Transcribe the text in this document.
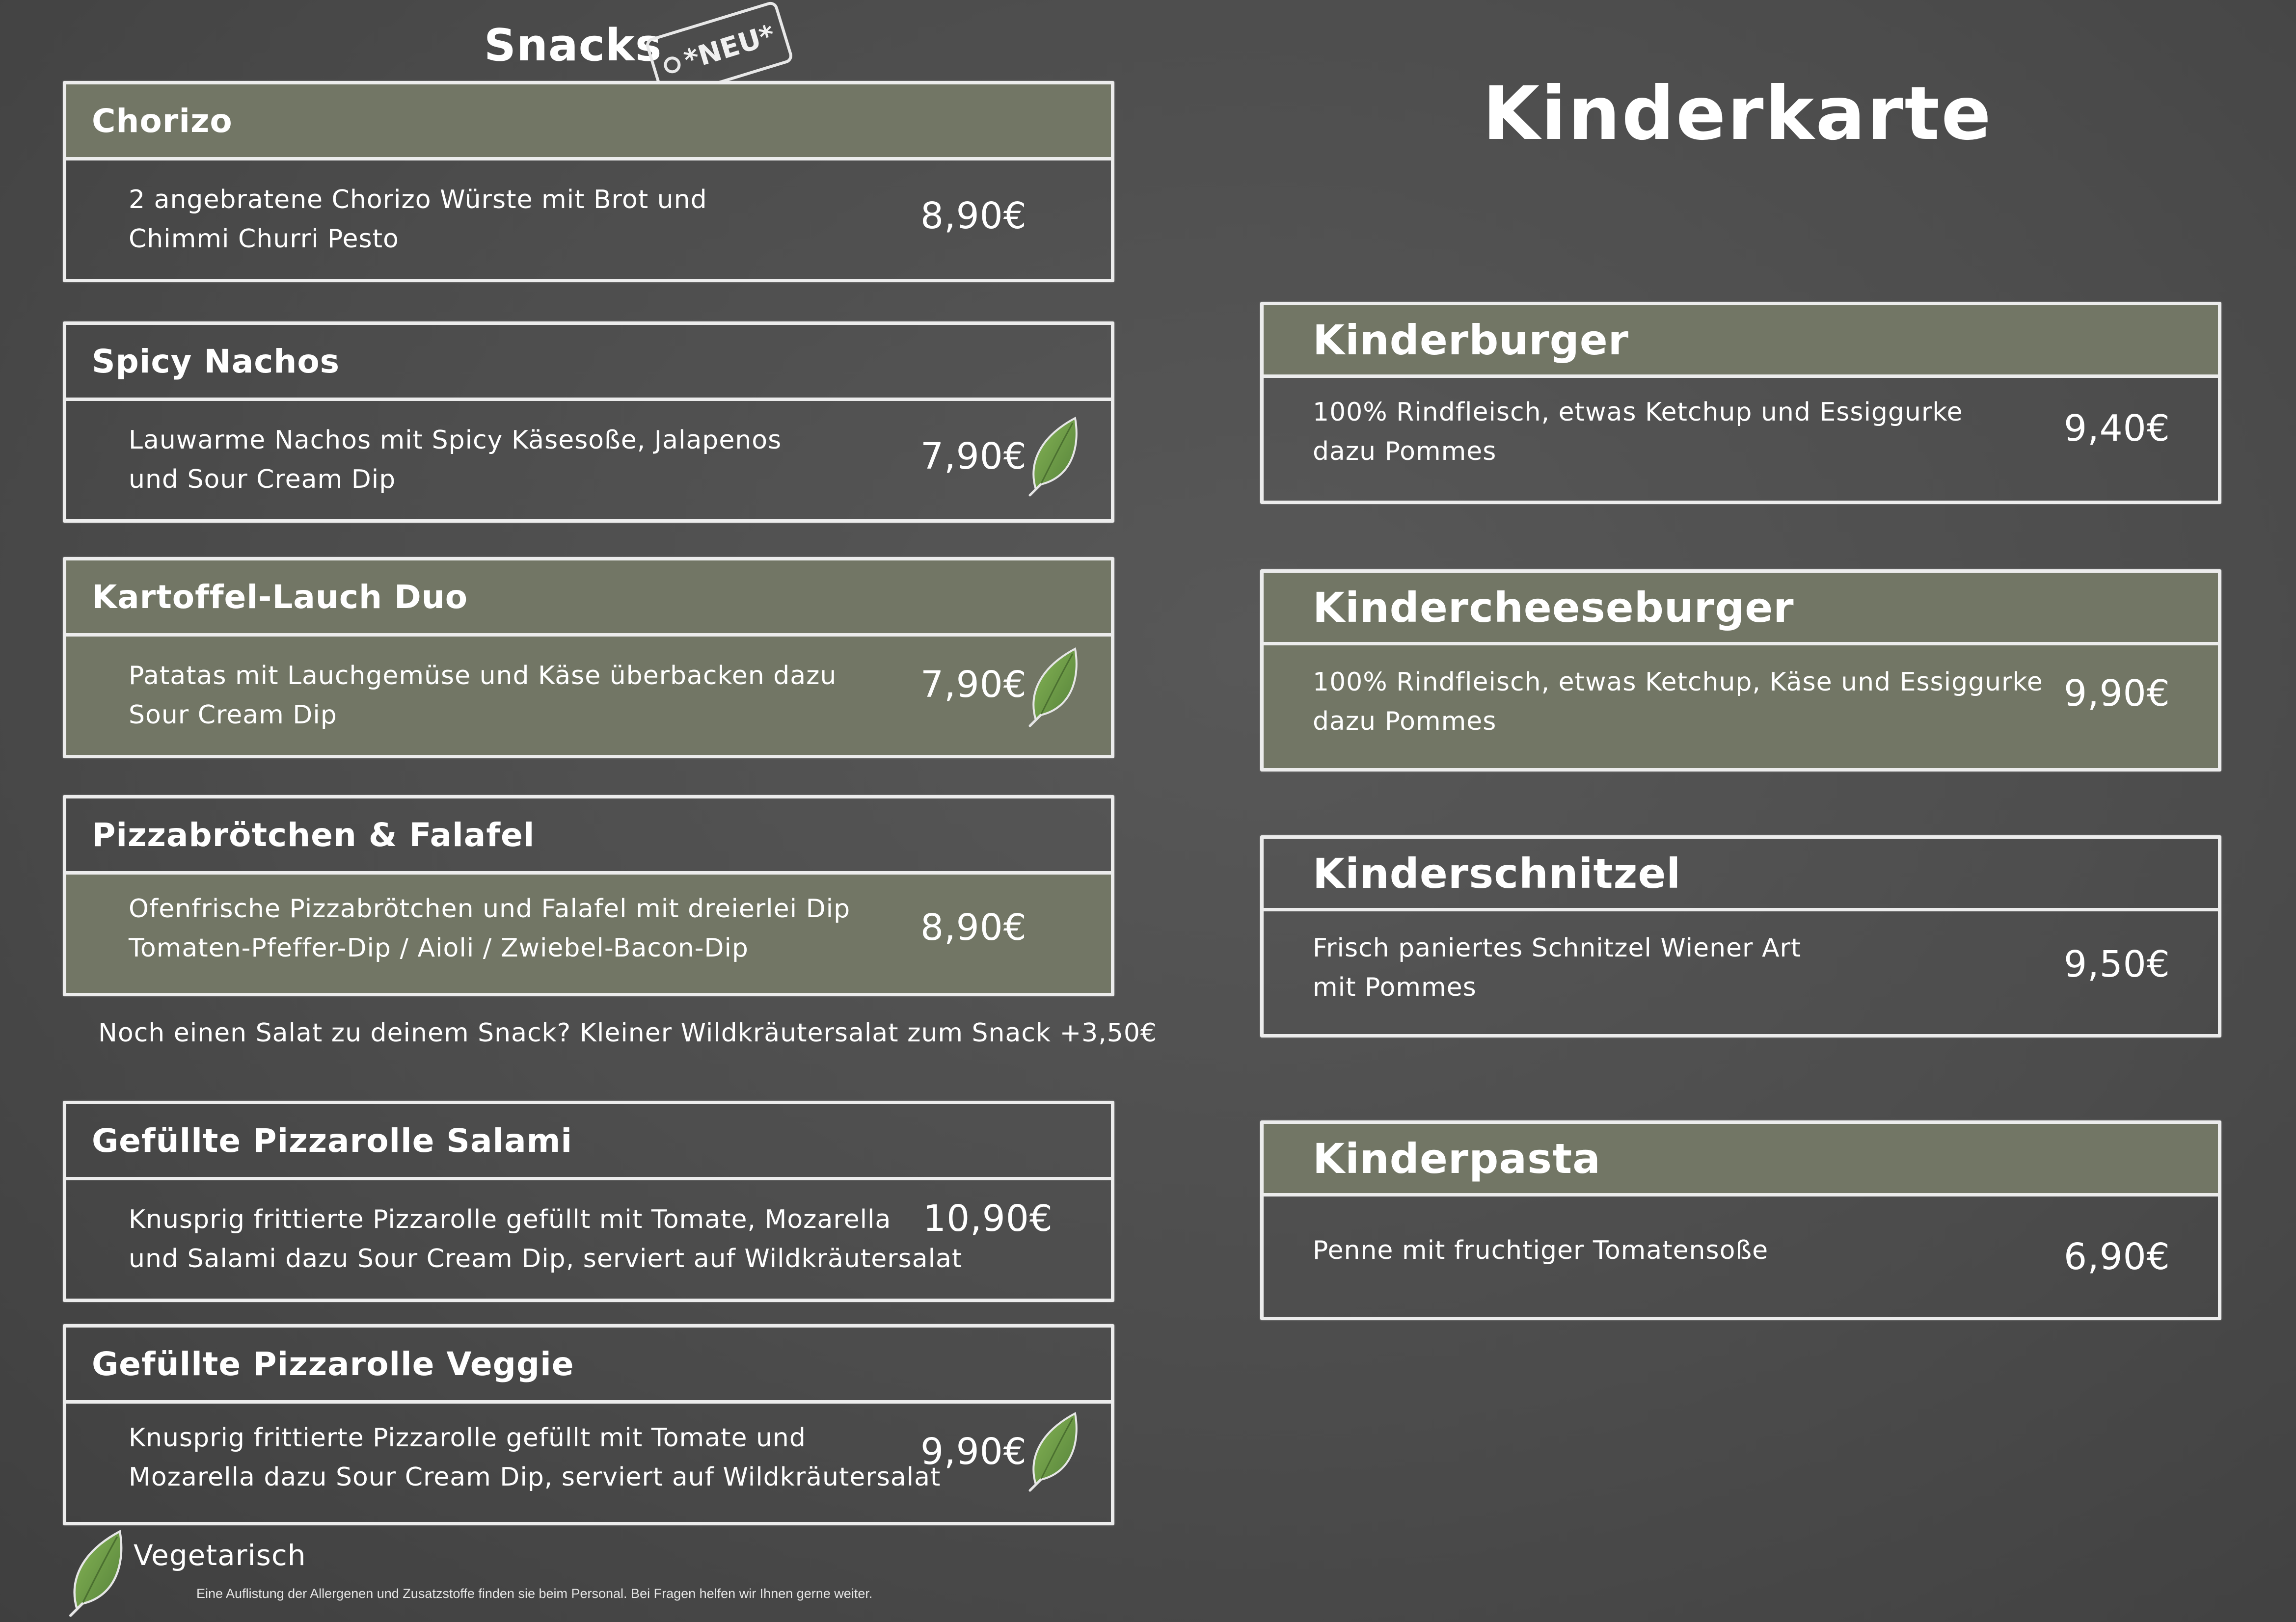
Snacks *NEU*
Kinderkarte
Chorizo
2 angebratene Chorizo Würste mit Brot und
Chimmi Churri Pesto
8,90€
Spicy Nachos
Lauwarme Nachos mit Spicy Käsesoße, Jalapenos
und Sour Cream Dip
7,90€
Kartoffel-Lauch Duo
Patatas mit Lauchgemüse und Käse überbacken dazu
Sour Cream Dip
7,90€
Pizzabrötchen & Falafel
Ofenfrische Pizzabrötchen und Falafel mit dreierlei Dip
Tomaten-Pfeffer-Dip / Aioli / Zwiebel-Bacon-Dip	8,90€
Noch einen Salat zu deinem Snack? Kleiner Wildkräutersalat zum Snack +3,50€
Gefüllte Pizzarolle Salami
Knusprig frittierte Pizzarolle gefüllt mit Tomate, Mozarella
und Salami dazu Sour Cream Dip, serviert auf Wildkräutersalat
10,90€
Gefüllte Pizzarolle Veggie
Knusprig frittierte Pizzarolle gefüllt mit Tomate und
Mozarella dazu Sour Cream Dip, serviert auf Wildkräutersalat
9,90€
Vegetarisch
Eine Auflistung der Allergenen und Zusatzstoffe finden sie beim Personal. Bei Fragen helfen wir Ihnen gerne weiter.
Kinderburger
100% Rindfleisch, etwas Ketchup und Essiggurke
dazu Pommes
9,40€
Kindercheeseburger
100% Rindfleisch, etwas Ketchup, Käse und Essiggurke
dazu Pommes
9,90€
Kinderschnitzel
Frisch paniertes Schnitzel Wiener Art
mit Pommes
9,50€
Kinderpasta
Penne mit fruchtiger Tomatensoße	6,90€
